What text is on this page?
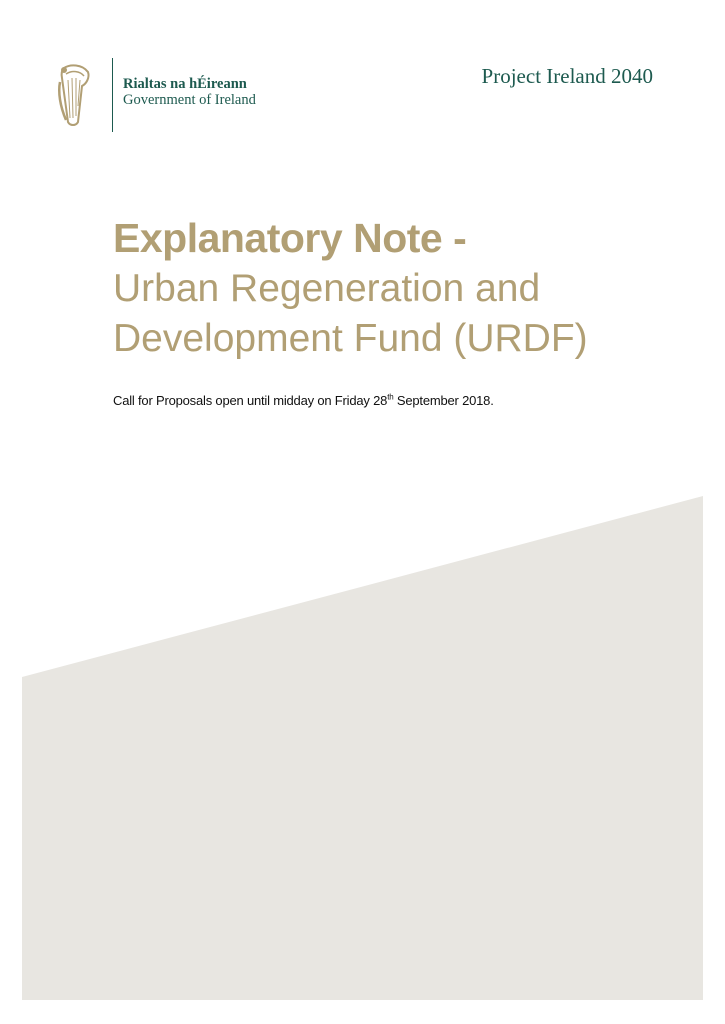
Rialtas na hÉireann
Government of Ireland
Project Ireland 2040
Explanatory Note -
Urban Regeneration and
Development Fund (URDF)
Call for Proposals open until midday on Friday 28th September 2018.
